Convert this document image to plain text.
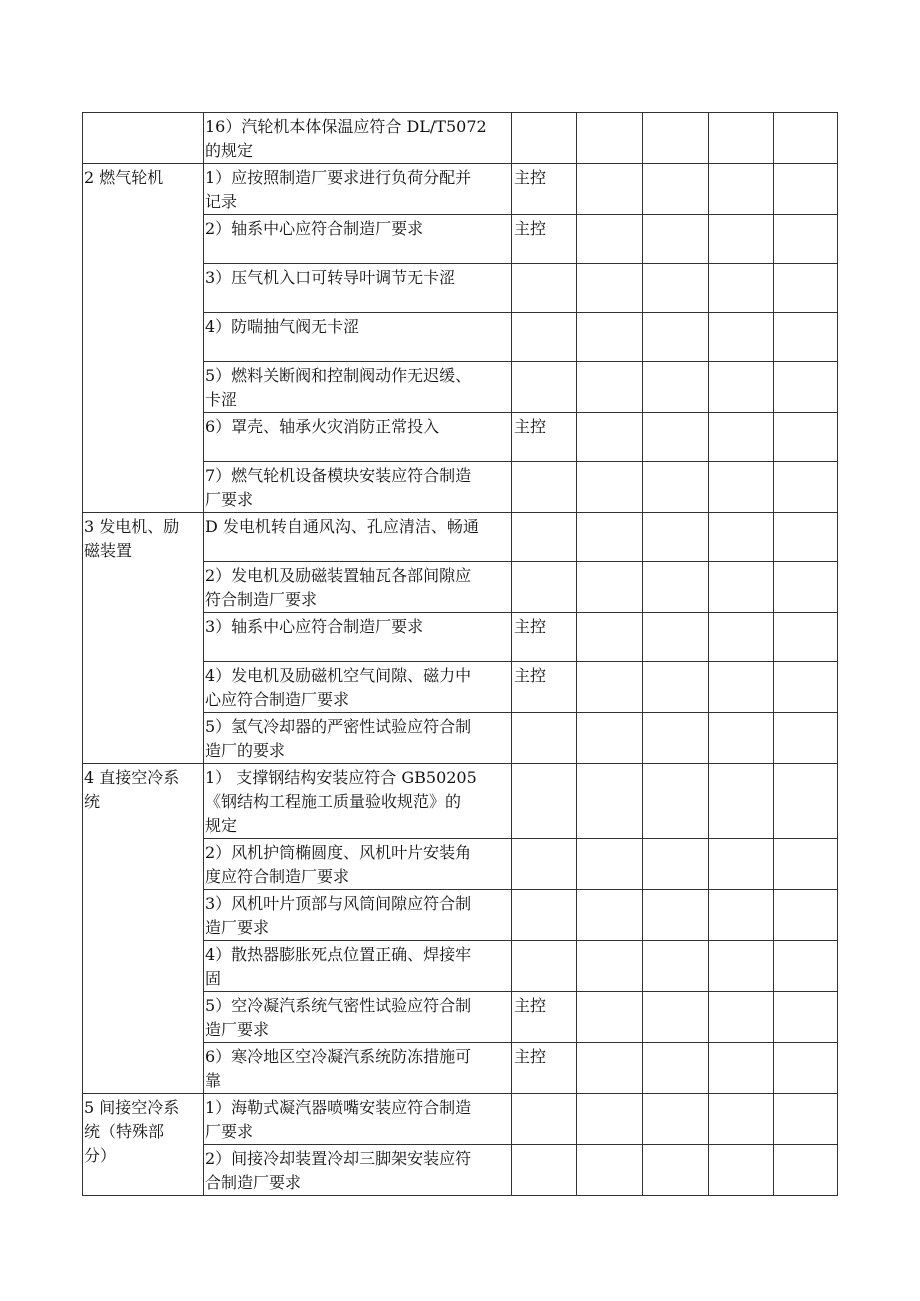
	16）汽轮机本体保温应符合 DL/T5072
的规定					
2 燃气轮机	1）应按照制造厂要求进行负荷分配并
记录	主控				
	2）轴系中心应符合制造厂要求	主控				
	3）压气机入口可转导叶调节无卡涩					
	4）防喘抽气阀无卡涩					
	5）燃料关断阀和控制阀动作无迟缓、
卡涩					
	6）罩壳、轴承火灾消防正常投入	主控				
	7）燃气轮机设备模块安装应符合制造
厂要求					
3 发电机、励
磁装置	D 发电机转自通风沟、孔应清洁、畅通					
	2）发电机及励磁装置轴瓦各部间隙应
符合制造厂要求					
	3）轴系中心应符合制造厂要求	主控				
	4）发电机及励磁机空气间隙、磁力中
心应符合制造厂要求	主控				
	5）氢气冷却器的严密性试验应符合制
造厂的要求					
4 直接空冷系
统	1） 支撑钢结构安装应符合 GB50205
《钢结构工程施工质量验收规范》的
规定					
	2）风机护筒椭圆度、风机叶片安装角
度应符合制造厂要求					
	3）风机叶片顶部与风筒间隙应符合制
造厂要求					
	4）散热器膨胀死点位置正确、焊接牢
固					
	5）空冷凝汽系统气密性试验应符合制
造厂要求	主控				
	6）寒冷地区空冷凝汽系统防冻措施可
靠	主控				
5 间接空冷系
统（特殊部
分）	1）海勒式凝汽器喷嘴安装应符合制造
厂要求					
	2）间接冷却装置冷却三脚架安装应符
合制造厂要求					
